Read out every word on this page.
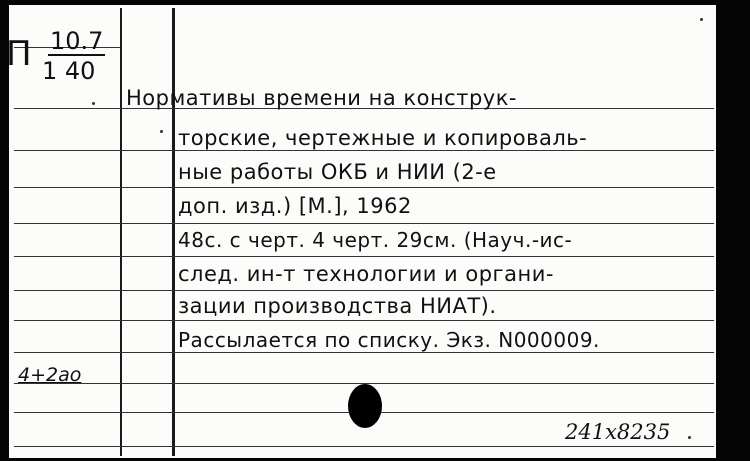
П 10.7
1 40
Нормативы времени на конструк-
торские, чертежные и копироваль-
ные работы ОКБ и НИИ (2-е
доп. изд.) [М.], 1962
48с. с черт. 4 черт. 29см. (Науч.-ис-
след. ин-т технологии и органи-
зации производства НИАТ).
Рассылается по списку. Экз. N000009.
4+2ao
241х8235
